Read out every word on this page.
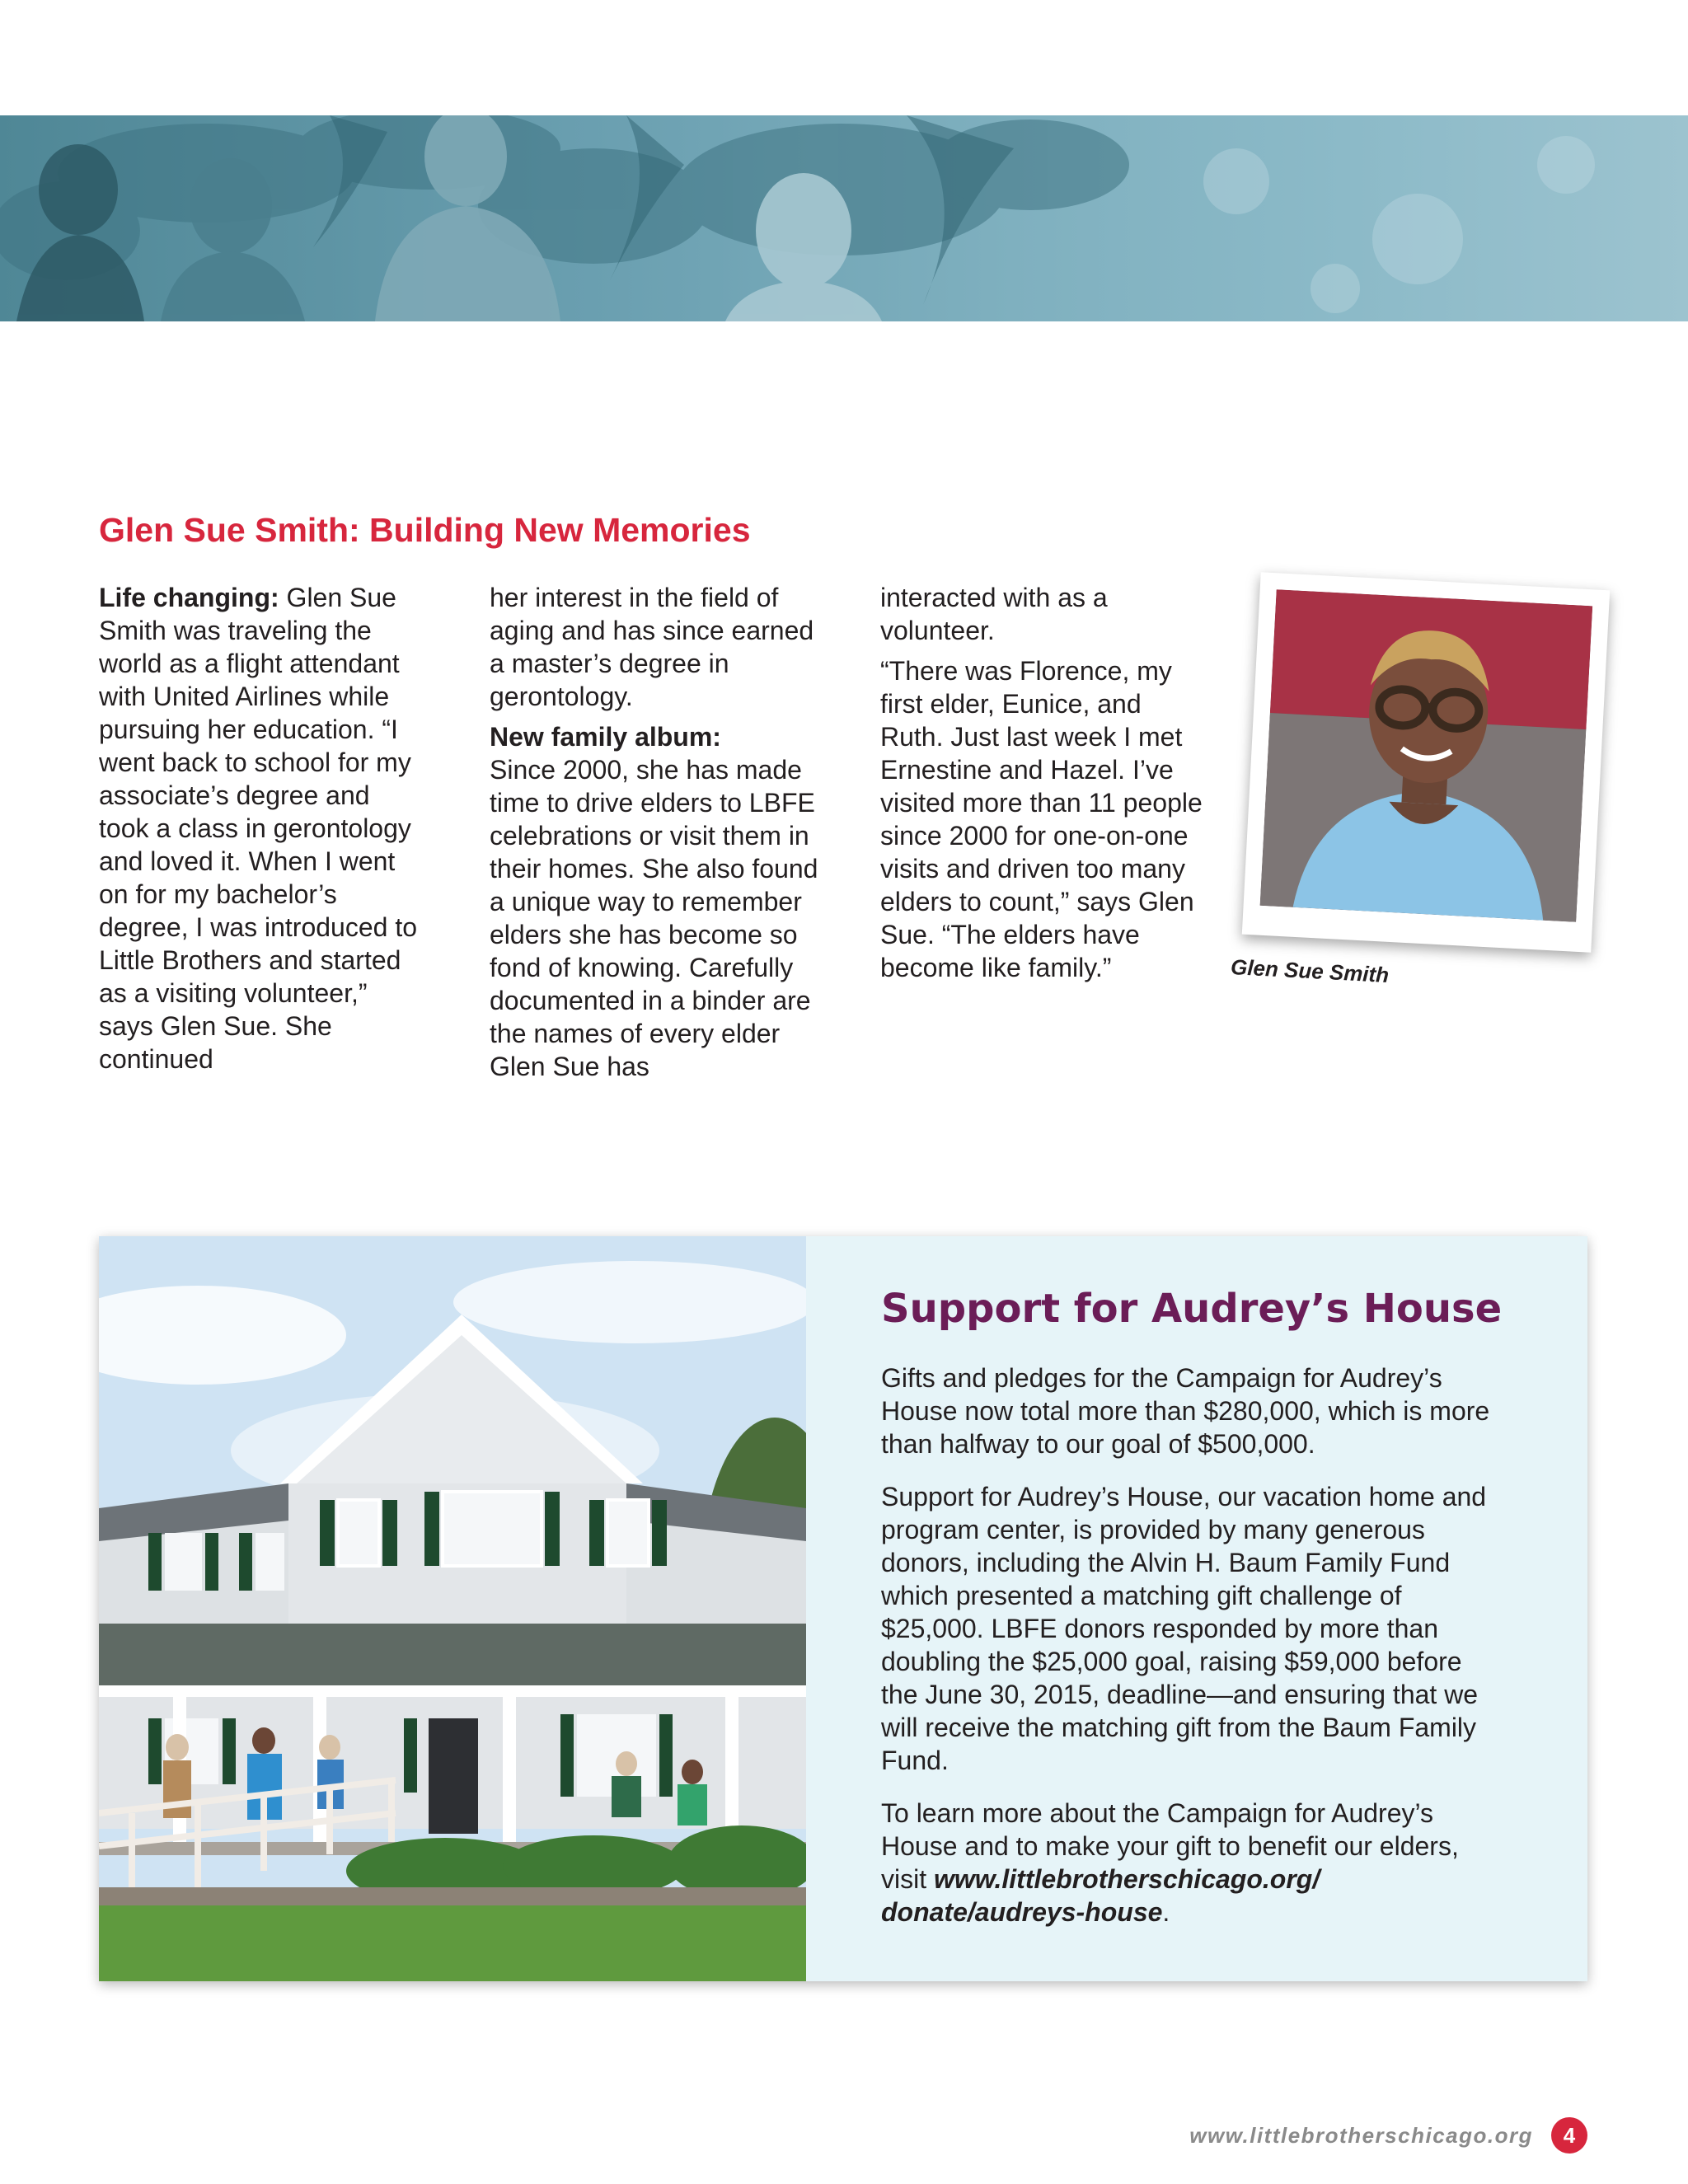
Glen Sue Smith: Building New Memories

Life changing: Glen Sue Smith was traveling the world as a flight attendant with United Airlines while pursuing her education. “I went back to school for my associate’s degree and took a class in gerontology and loved it. When I went on for my bachelor’s degree, I was introduced to Little Brothers and started as a visiting volunteer,” says Glen Sue. She continued

her interest in the field of aging and has since earned a master’s degree in gerontology.

New family album:
Since 2000, she has made time to drive elders to LBFE celebrations or visit them in their homes. She also found a unique way to remember elders she has become so fond of knowing. Carefully documented in a binder are the names of every elder Glen Sue has

interacted with as a volunteer.

“There was Florence, my first elder, Eunice, and Ruth. Just last week I met Ernestine and Hazel. I’ve visited more than 11 people since 2000 for one-on-one visits and driven too many elders to count,” says Glen Sue. “The elders have become like family.”	Glen Sue Smith

Support for Audrey’s House

Gifts and pledges for the Campaign for Audrey’s House now total more than $280,000, which is more than halfway to our goal of $500,000.

Support for Audrey’s House, our vacation home and program center, is provided by many generous donors, including the Alvin H. Baum Family Fund which presented a matching gift challenge of $25,000. LBFE donors responded by more than doubling the $25,000 goal, raising $59,000 before the June 30, 2015, deadline—and ensuring that we will receive the matching gift from the Baum Family Fund.

To learn more about the Campaign for Audrey’s House and to make your gift to benefit our elders, visit www.littlebrotherschicago.org/ donate/audreys-house.

www.littlebrotherschicago.org	4
